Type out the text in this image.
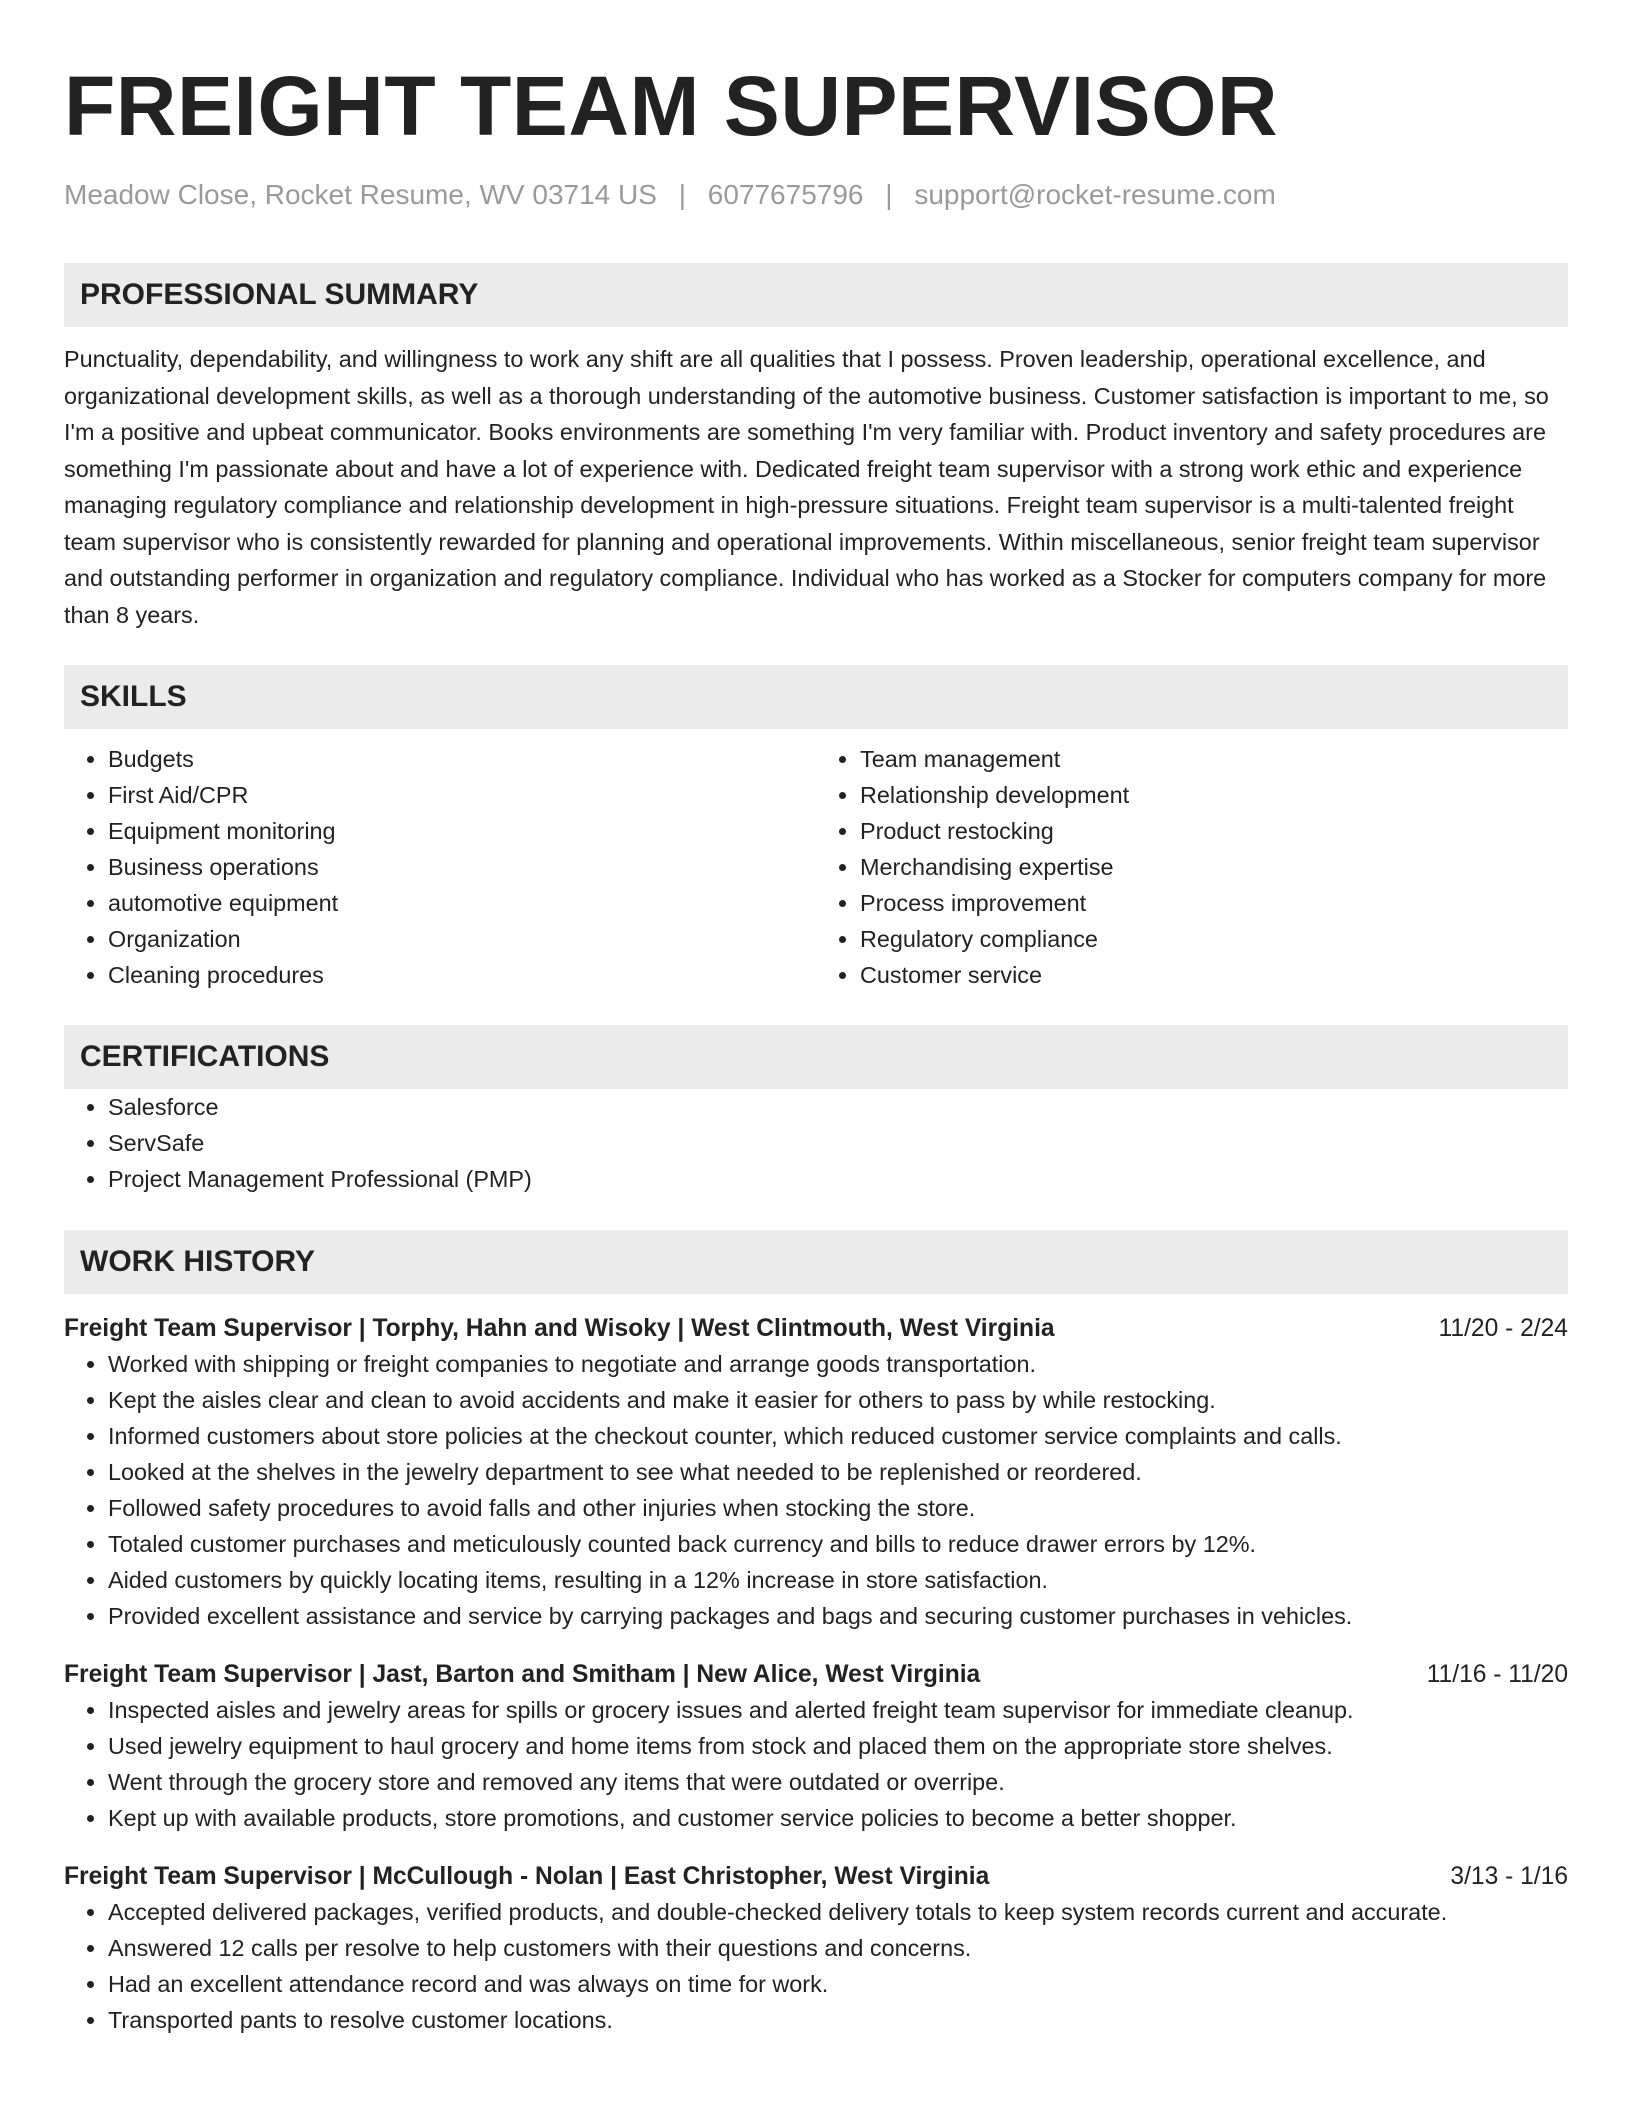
FREIGHT TEAM SUPERVISOR
Meadow Close, Rocket Resume, WV 03714 US | 6077675796 | support@rocket-resume.com
PROFESSIONAL SUMMARY

Punctuality, dependability, and willingness to work any shift are all qualities that I possess. Proven leadership, operational excellence, and organizational development skills, as well as a thorough understanding of the automotive business. Customer satisfaction is important to me, so I'm a positive and upbeat communicator. Books environments are something I'm very familiar with. Product inventory and safety procedures are something I'm passionate about and have a lot of experience with. Dedicated freight team supervisor with a strong work ethic and experience managing regulatory compliance and relationship development in high-pressure situations. Freight team supervisor is a multi-talented freight team supervisor who is consistently rewarded for planning and operational improvements. Within miscellaneous, senior freight team supervisor and outstanding performer in organization and regulatory compliance. Individual who has worked as a Stocker for computers company for more than 8 years.

SKILLS
• Budgets
• First Aid/CPR
• Equipment monitoring
• Business operations
• automotive equipment
• Organization
• Cleaning procedures
• Team management
• Relationship development
• Product restocking
• Merchandising expertise
• Process improvement
• Regulatory compliance
• Customer service
CERTIFICATIONS
• Salesforce
• ServSafe
• Project Management Professional (PMP)
WORK HISTORY
Freight Team Supervisor | Torphy, Hahn and Wisoky | West Clintmouth, West Virginia	11/20 - 2/24
• Worked with shipping or freight companies to negotiate and arrange goods transportation.
• Kept the aisles clear and clean to avoid accidents and make it easier for others to pass by while restocking.
• Informed customers about store policies at the checkout counter, which reduced customer service complaints and calls.
• Looked at the shelves in the jewelry department to see what needed to be replenished or reordered.
• Followed safety procedures to avoid falls and other injuries when stocking the store.
• Totaled customer purchases and meticulously counted back currency and bills to reduce drawer errors by 12%.
• Aided customers by quickly locating items, resulting in a 12% increase in store satisfaction.
• Provided excellent assistance and service by carrying packages and bags and securing customer purchases in vehicles.
Freight Team Supervisor | Jast, Barton and Smitham | New Alice, West Virginia	11/16 - 11/20
• Inspected aisles and jewelry areas for spills or grocery issues and alerted freight team supervisor for immediate cleanup.
• Used jewelry equipment to haul grocery and home items from stock and placed them on the appropriate store shelves.
• Went through the grocery store and removed any items that were outdated or overripe.
• Kept up with available products, store promotions, and customer service policies to become a better shopper.
Freight Team Supervisor | McCullough - Nolan | East Christopher, West Virginia	3/13 - 1/16
• Accepted delivered packages, verified products, and double-checked delivery totals to keep system records current and accurate.
• Answered 12 calls per resolve to help customers with their questions and concerns.
• Had an excellent attendance record and was always on time for work.
• Transported pants to resolve customer locations.
